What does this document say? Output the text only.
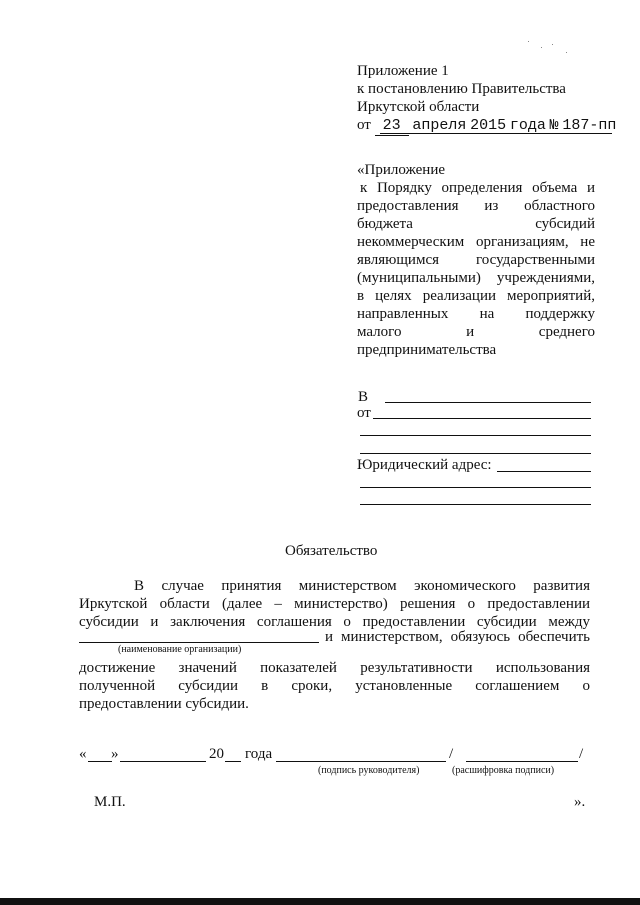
Приложение 1
к постановлению Правительства
Иркутской области
от 23 апреля 2015 года № 187-пп
«Приложение
к Порядку определения объема и
предоставления из областного
бюджета субсидий
некоммерческим организациям, не
являющимся государственными
(муниципальными) учреждениями,
в целях реализации мероприятий,
направленных на поддержку
малого и среднего
предпринимательства
В
от
Юридический адрес:
Обязательство
В случае принятия министерством экономического развития
Иркутской области (далее – министерство) решения о предоставлении
субсидии и заключения соглашения о предоставлении субсидии между
и министерством, обязуюсь обеспечить
(наименование организации)
достижение значений показателей результативности использования
полученной субсидии в сроки, установленные соглашением о
предоставлении субсидии.
« »	20 года	/	/
(подпись руководителя)	(расшифровка подписи)
М.П.	».
